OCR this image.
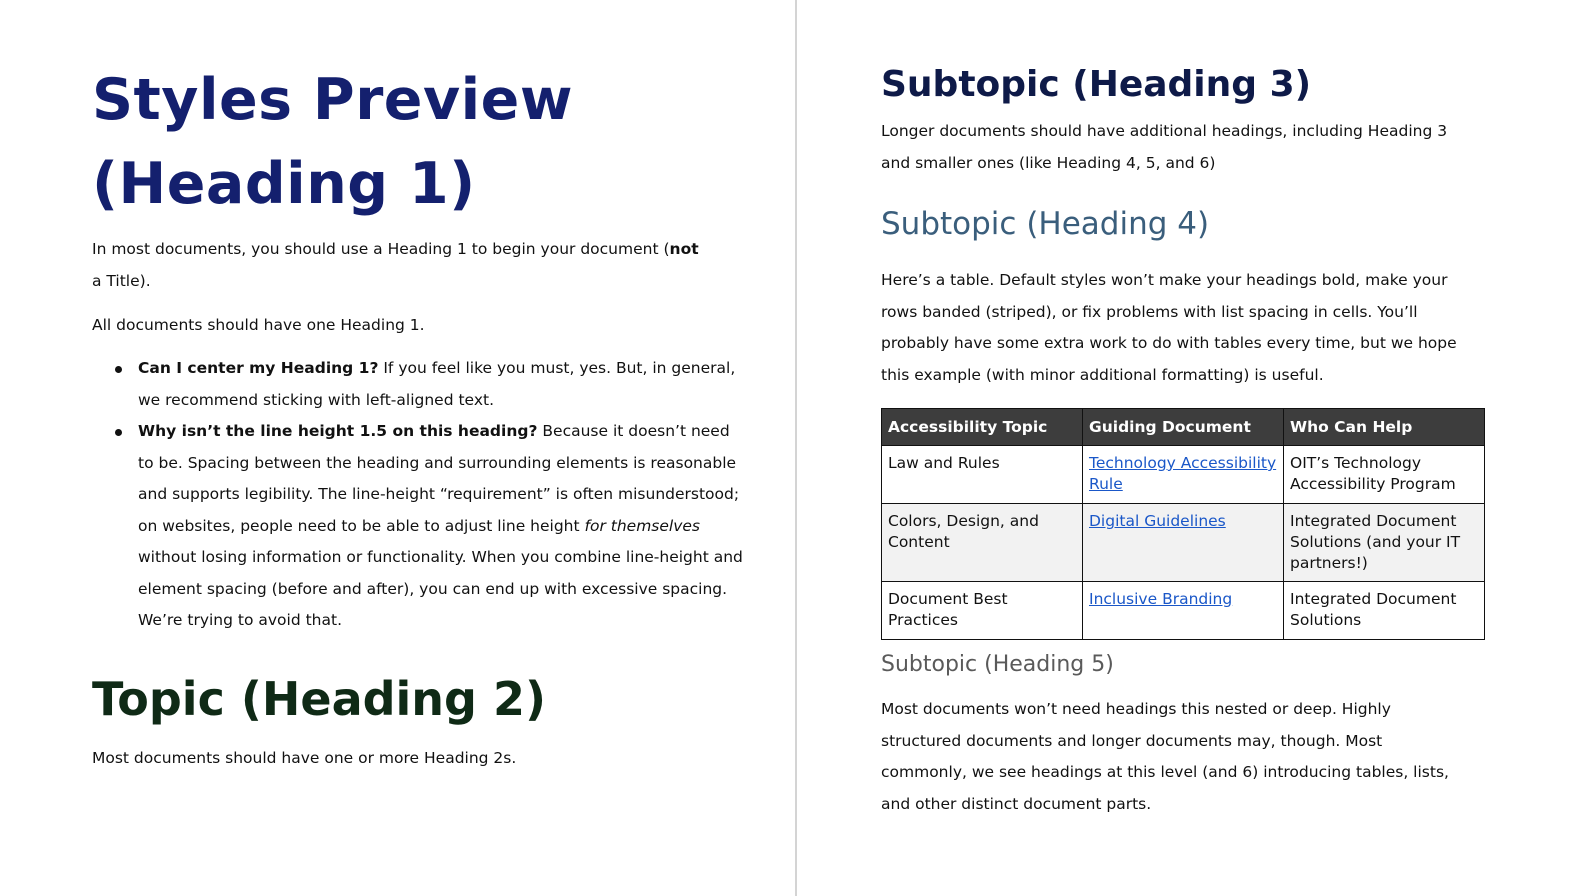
Styles Preview (Heading 1)

In most documents, you should use a Heading 1 to begin your document (not a Title).

All documents should have one Heading 1.

Can I center my Heading 1? If you feel like you must, yes. But, in general, we recommend sticking with left-aligned text.
Why isn’t the line height 1.5 on this heading? Because it doesn’t need to be. Spacing between the heading and surrounding elements is reasonable and supports legibility. The line-height “requirement” is often misunderstood; on websites, people need to be able to adjust line height for themselves without losing information or functionality. When you combine line-height and element spacing (before and after), you can end up with excessive spacing. We’re trying to avoid that.
Topic (Heading 2)

Most documents should have one or more Heading 2s.

Subtopic (Heading 3)

Longer documents should have additional headings, including Heading 3 and smaller ones (like Heading 4, 5, and 6)

Subtopic (Heading 4)

Here’s a table. Default styles won’t make your headings bold, make your rows banded (striped), or fix problems with list spacing in cells. You’ll probably have some extra work to do with tables every time, but we hope this example (with minor additional formatting) is useful.

Accessibility Topic	Guiding Document	Who Can Help
Law and Rules	Technology Accessibility Rule	OIT’s Technology Accessibility Program
Colors, Design, and Content	Digital Guidelines	Integrated Document Solutions (and your IT partners!)
Document Best Practices	Inclusive Branding	Integrated Document Solutions
Subtopic (Heading 5)

Most documents won’t need headings this nested or deep. Highly structured documents and longer documents may, though. Most commonly, we see headings at this level (and 6) introducing tables, lists, and other distinct document parts.
